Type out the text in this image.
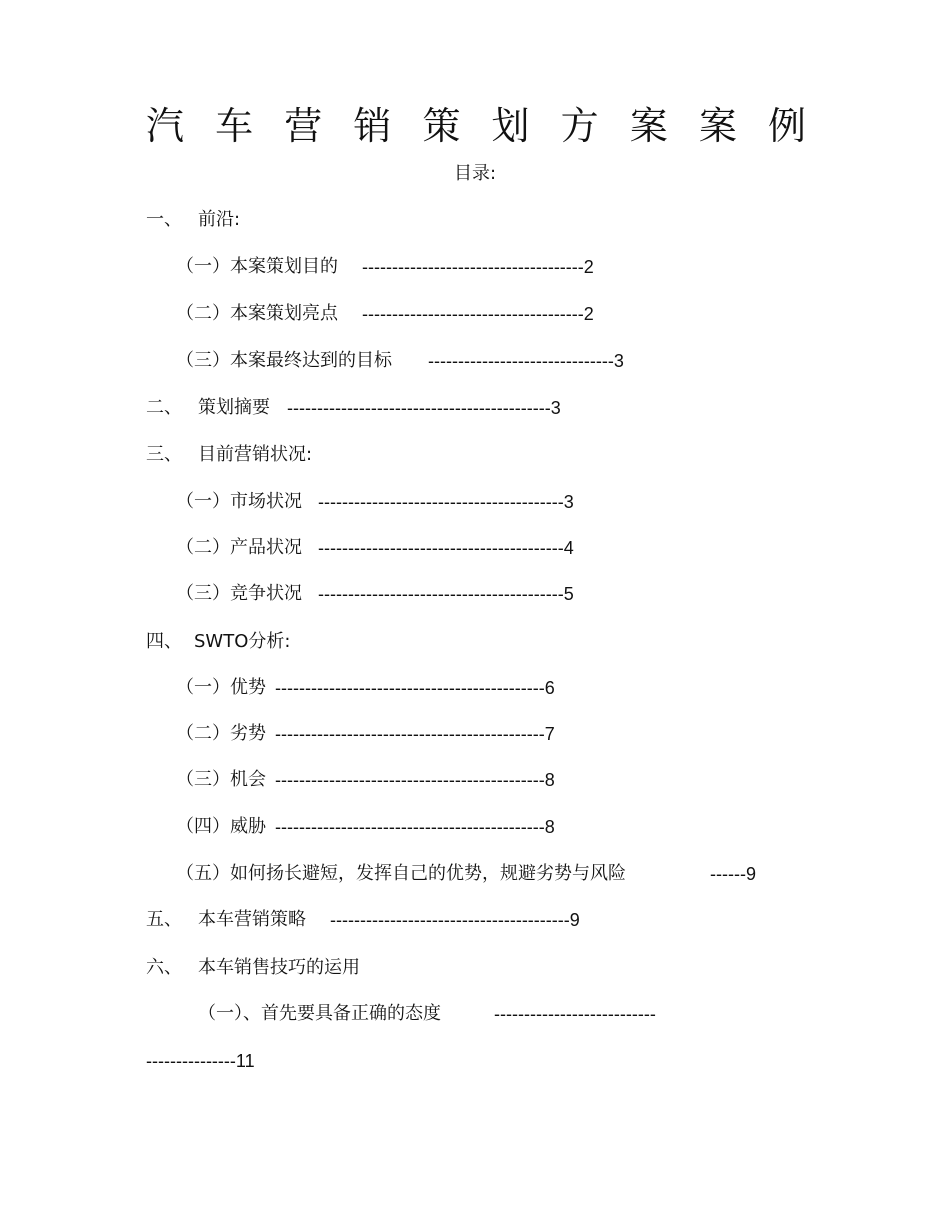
汽 车 营 销 策 划 方 案 案 例
目录:
一、 前沿:
（一）本案策划目的 -------------------------------------2
（二）本案策划亮点 -------------------------------------2
（三）本案最终达到的目标 -------------------------------3
二、 策划摘要 --------------------------------------------3
三、 目前营销状况:
（一）市场状况 -----------------------------------------3
（二）产品状况 -----------------------------------------4
（三）竞争状况 -----------------------------------------5
四、 SWTO分析:
（一）优势 ---------------------------------------------6
（二）劣势 ---------------------------------------------7
（三）机会 ---------------------------------------------8
（四）威胁 ---------------------------------------------8
（五）如何扬长避短，发挥自己的优势，规避劣势与风险	------9
五、 本车营销策略 ----------------------------------------9
六、 本车销售技巧的运用
（一）、首先要具备正确的态度	---------------------------
---------------11
